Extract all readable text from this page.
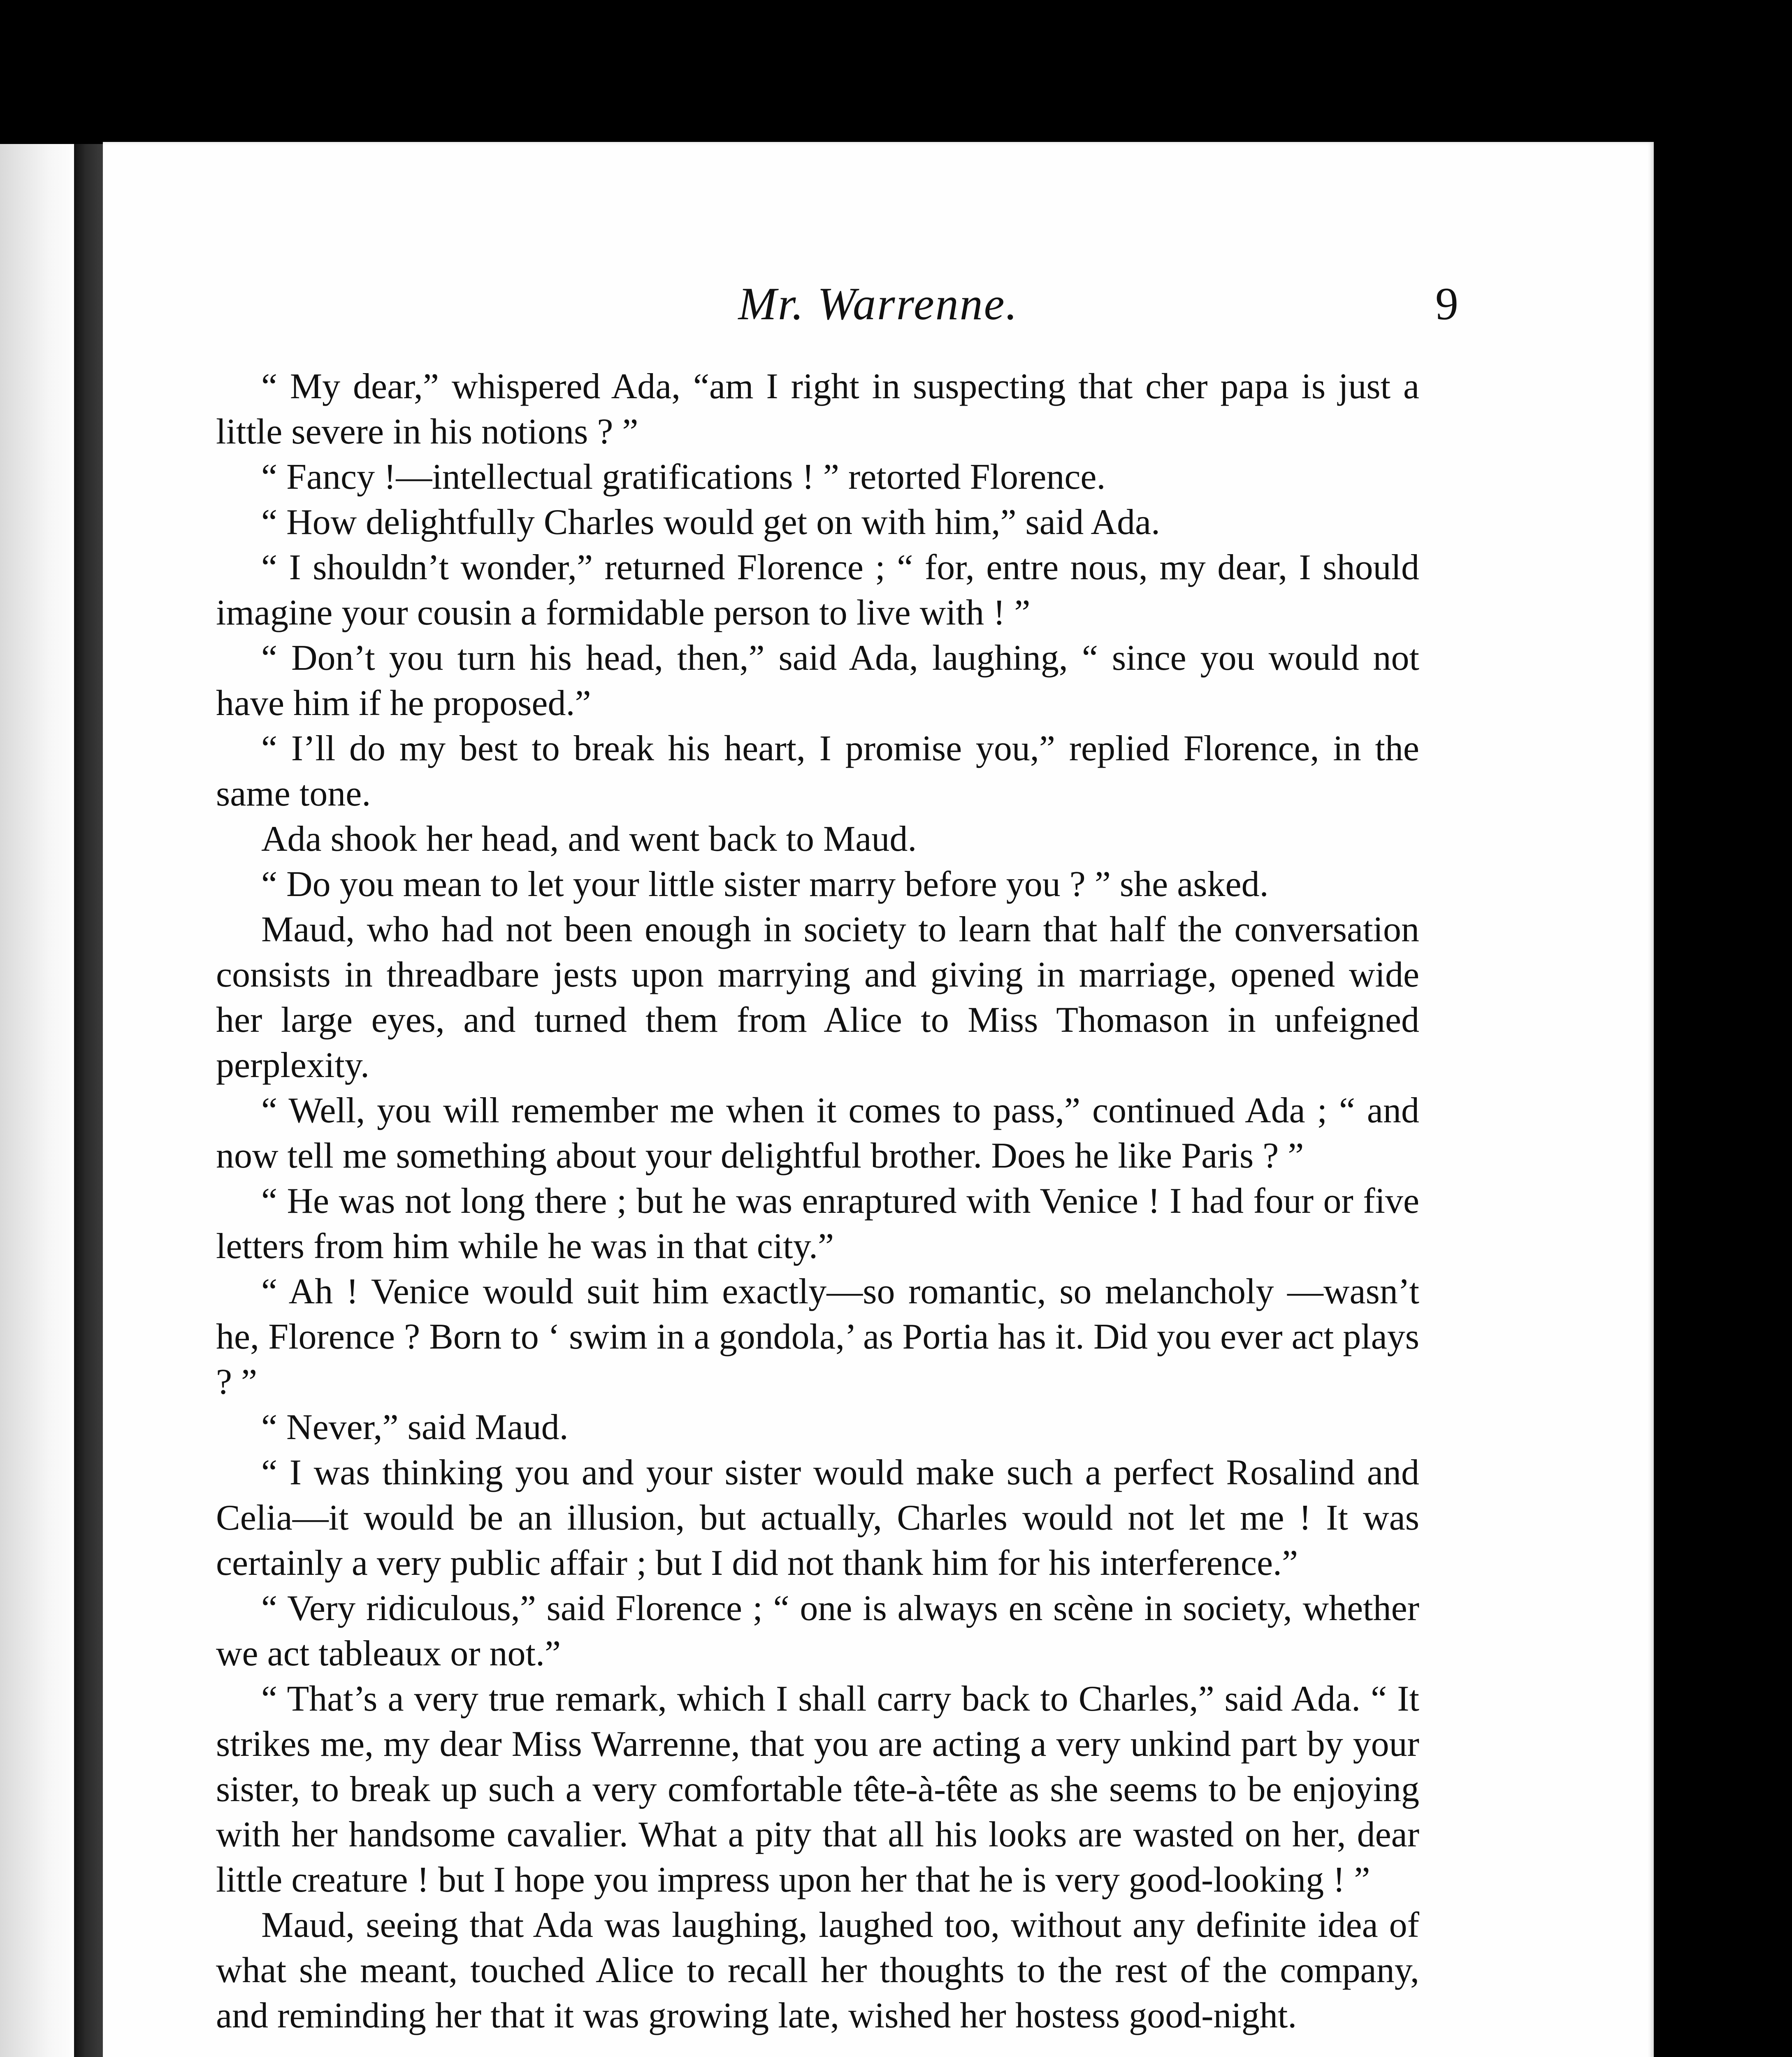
Mr. Warrenne.	9

“ My dear,” whispered Ada, “am I right in suspecting that cher papa is just a little severe in his notions ? ”

“ Fancy !—intellectual gratifications ! ” retorted Florence.

“ How delightfully Charles would get on with him,” said Ada.

“ I shouldn’t wonder,” returned Florence ; “ for, entre nous, my dear, I should imagine your cousin a formidable person to live with ! ”

“ Don’t you turn his head, then,” said Ada, laughing, “ since you would not have him if he proposed.”

“ I’ll do my best to break his heart, I promise you,” replied Florence, in the same tone.

Ada shook her head, and went back to Maud.

“ Do you mean to let your little sister marry before you ? ” she asked.

Maud, who had not been enough in society to learn that half the conversation consists in threadbare jests upon marrying and giving in marriage, opened wide her large eyes, and turned them from Alice to Miss Thomason in unfeigned perplexity.

“ Well, you will remember me when it comes to pass,” continued Ada ; “ and now tell me something about your delightful brother. Does he like Paris ? ”

“ He was not long there ; but he was enraptured with Venice ! I had four or five letters from him while he was in that city.”

“ Ah ! Venice would suit him exactly—so romantic, so melancholy —wasn’t he, Florence ? Born to ‘ swim in a gondola,’ as Portia has it. Did you ever act plays ? ”

“ Never,” said Maud.

“ I was thinking you and your sister would make such a perfect Rosalind and Celia—it would be an illusion, but actually, Charles would not let me ! It was certainly a very public affair ; but I did not thank him for his interference.”

“ Very ridiculous,” said Florence ; “ one is always en scène in society, whether we act tableaux or not.”

“ That’s a very true remark, which I shall carry back to Charles,” said Ada. “ It strikes me, my dear Miss Warrenne, that you are acting a very unkind part by your sister, to break up such a very comfortable tête-à-tête as she seems to be enjoying with her handsome cavalier. What a pity that all his looks are wasted on her, dear little creature ! but I hope you impress upon her that he is very good-looking ! ”

Maud, seeing that Ada was laughing, laughed too, without any definite idea of what she meant, touched Alice to recall her thoughts to the rest of the company, and reminding her that it was growing late, wished her hostess good-night.
